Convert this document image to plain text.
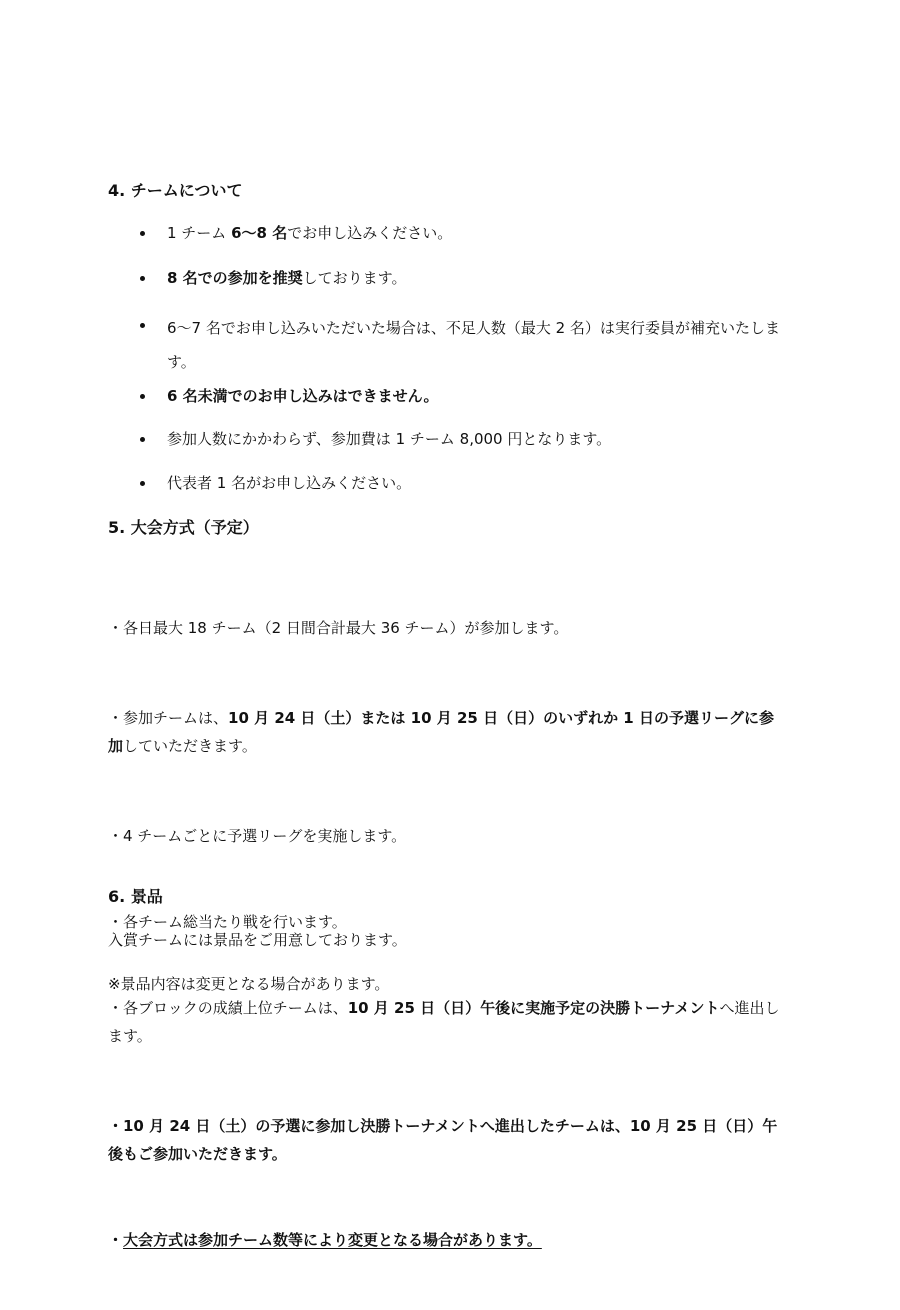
4. チームについて
1 チーム 6〜8 名でお申し込みください。
8 名での参加を推奨しております。
6〜7 名でお申し込みいただいた場合は、不足人数（最大 2 名）は実行委員が補充いたします。
6 名未満でのお申し込みはできません。
参加人数にかかわらず、参加費は 1 チーム 8,000 円となります。
代表者 1 名がお申し込みください。
5. 大会方式（予定）

・各日最大 18 チーム（2 日間合計最大 36 チーム）が参加します。

・参加チームは、10 月 24 日（土）または 10 月 25 日（日）のいずれか 1 日の予選リーグに参加していただきます。

・4 チームごとに予選リーグを実施します。

・各チーム総当たり戦を行います。

・各ブロックの成績上位チームは、10 月 25 日（日）午後に実施予定の決勝トーナメントへ進出します。

・10 月 24 日（土）の予選に参加し決勝トーナメントへ進出したチームは、10 月 25 日（日）午後もご参加いただきます。

・大会方式は参加チーム数等により変更となる場合があります。

6. 景品
入賞チームには景品をご用意しております。
※景品内容は変更となる場合があります。
